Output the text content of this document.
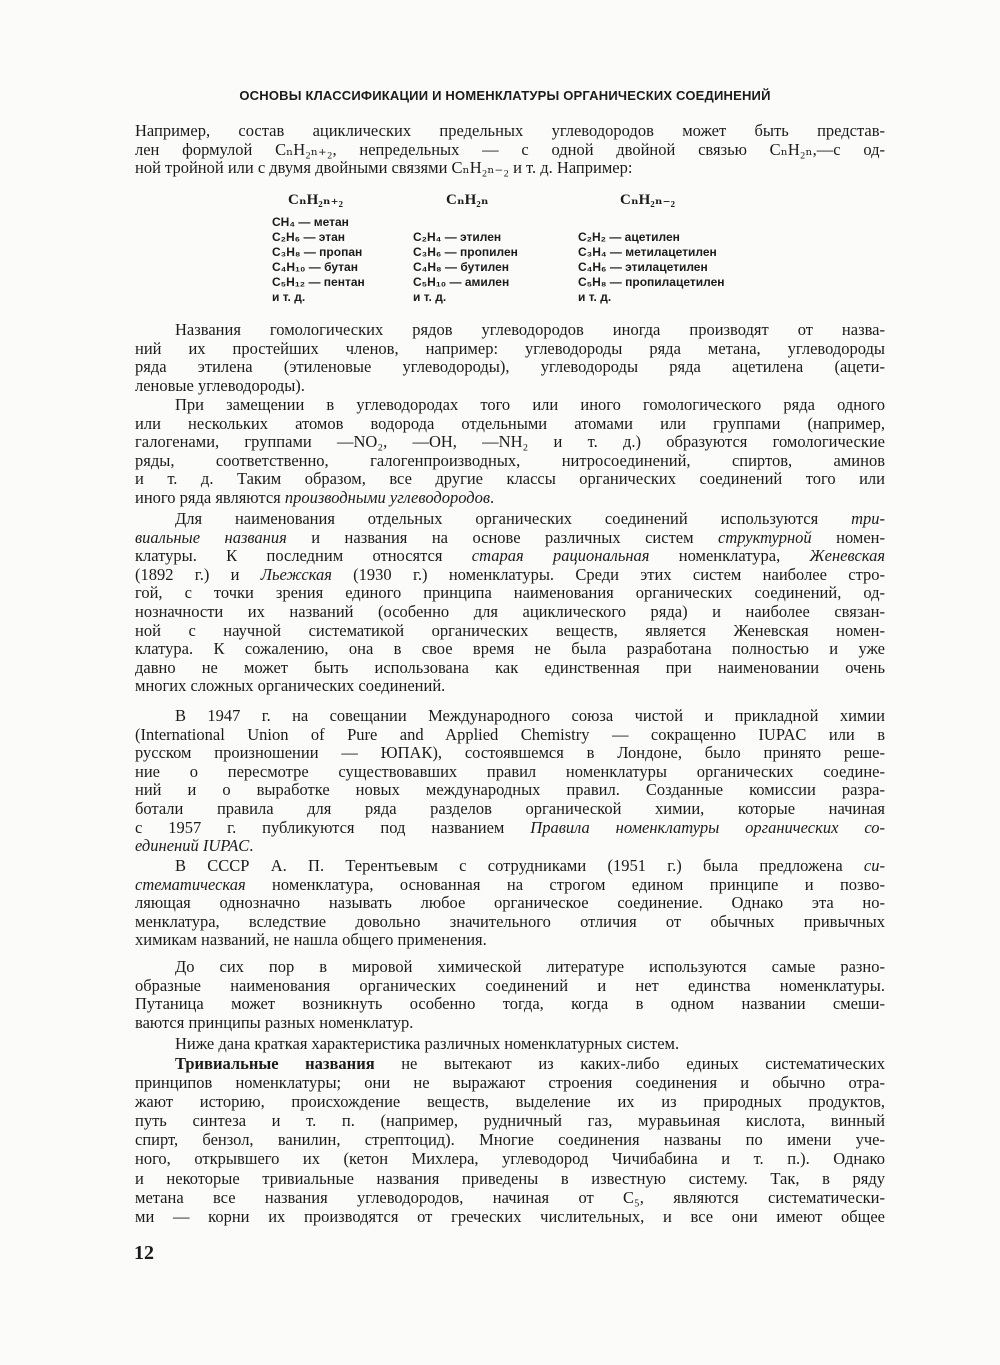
ОСНОВЫ КЛАССИФИКАЦИИ И НОМЕНКЛАТУРЫ ОРГАНИЧЕСКИХ СОЕДИНЕНИЙ
Например, состав ациклических предельных углеводородов может быть представ-
лен формулой CₙH₂ₙ₊₂, непредельных — с одной двойной связью CₙH₂ₙ,—с од-
ной тройной или с двумя двойными связями CₙH₂ₙ₋₂ и т. д. Например:
CₙH₂ₙ₊₂
CH₄ — метан
C₂H₆ — этан
C₃H₈ — пропан
C₄H₁₀ — бутан
C₅H₁₂ — пентан
и т. д.
CₙH₂ₙ
C₂H₄ — этилен
C₃H₆ — пропилен
C₄H₈ — бутилен
C₅H₁₀ — амилен
и т. д.
CₙH₂ₙ₋₂
C₂H₂ — ацетилен
C₃H₄ — метилацетилен
C₄H₆ — этилацетилен
C₅H₈ — пропилацетилен
и т. д.
Названия гомологических рядов углеводородов иногда производят от назва-
ний их простейших членов, например: углеводороды ряда метана, углеводороды
ряда этилена (этиленовые углеводороды), углеводороды ряда ацетилена (ацети-
леновые углеводороды).
При замещении в углеводородах того или иного гомологического ряда одного
или нескольких атомов водорода отдельными атомами или группами (например,
галогенами, группами —NO₂, —OH, —NH₂ и т. д.) образуются гомологические
ряды, соответственно, галогенпроизводных, нитросоединений, спиртов, аминов
и т. д. Таким образом, все другие классы органических соединений того или
иного ряда являются производными углеводородов.
Для наименования отдельных органических соединений используются три-
виальные названия и названия на основе различных систем структурной номен-
клатуры. К последним относятся старая рациональная номенклатура, Женевская
(1892 г.) и Льежская (1930 г.) номенклатуры. Среди этих систем наиболее стро-
гой, с точки зрения единого принципа наименования органических соединений, од-
нозначности их названий (особенно для ациклического ряда) и наиболее связан-
ной с научной систематикой органических веществ, является Женевская номен-
клатура. К сожалению, она в свое время не была разработана полностью и уже
давно не может быть использована как единственная при наименовании очень
многих сложных органических соединений.
В 1947 г. на совещании Международного союза чистой и прикладной химии
(International Union of Pure and Applied Chemistry — сокращенно IUPAC или в
русском произношении — ЮПАК), состоявшемся в Лондоне, было принято реше-
ние о пересмотре существовавших правил номенклатуры органических соедине-
ний и о выработке новых международных правил. Созданные комиссии разра-
ботали правила для ряда разделов органической химии, которые начиная
с 1957 г. публикуются под названием Правила номенклатуры органических со-
единений IUPAC.
В СССР А. П. Терентьевым с сотрудниками (1951 г.) была предложена си-
стематическая номенклатура, основанная на строгом едином принципе и позво-
ляющая однозначно называть любое органическое соединение. Однако эта но-
менклатура, вследствие довольно значительного отличия от обычных привычных
химикам названий, не нашла общего применения.
До сих пор в мировой химической литературе используются самые разно-
образные наименования органических соединений и нет единства номенклатуры.
Путаница может возникнуть особенно тогда, когда в одном названии смеши-
ваются принципы разных номенклатур.
Ниже дана краткая характеристика различных номенклатурных систем.
Тривиальные названия не вытекают из каких-либо единых систематических
принципов номенклатуры; они не выражают строения соединения и обычно отра-
жают историю, происхождение веществ, выделение их из природных продуктов,
путь синтеза и т. п. (например, рудничный газ, муравьиная кислота, винный
спирт, бензол, ванилин, стрептоцид). Многие соединения названы по имени уче-
ного, открывшего их (кетон Михлера, углеводород Чичибабина и т. п.). Однако
и некоторые тривиальные названия приведены в известную систему. Так, в ряду
метана все названия углеводородов, начиная от C₅, являются систематически-
ми — корни их производятся от греческих числительных, и все они имеют общее
12
